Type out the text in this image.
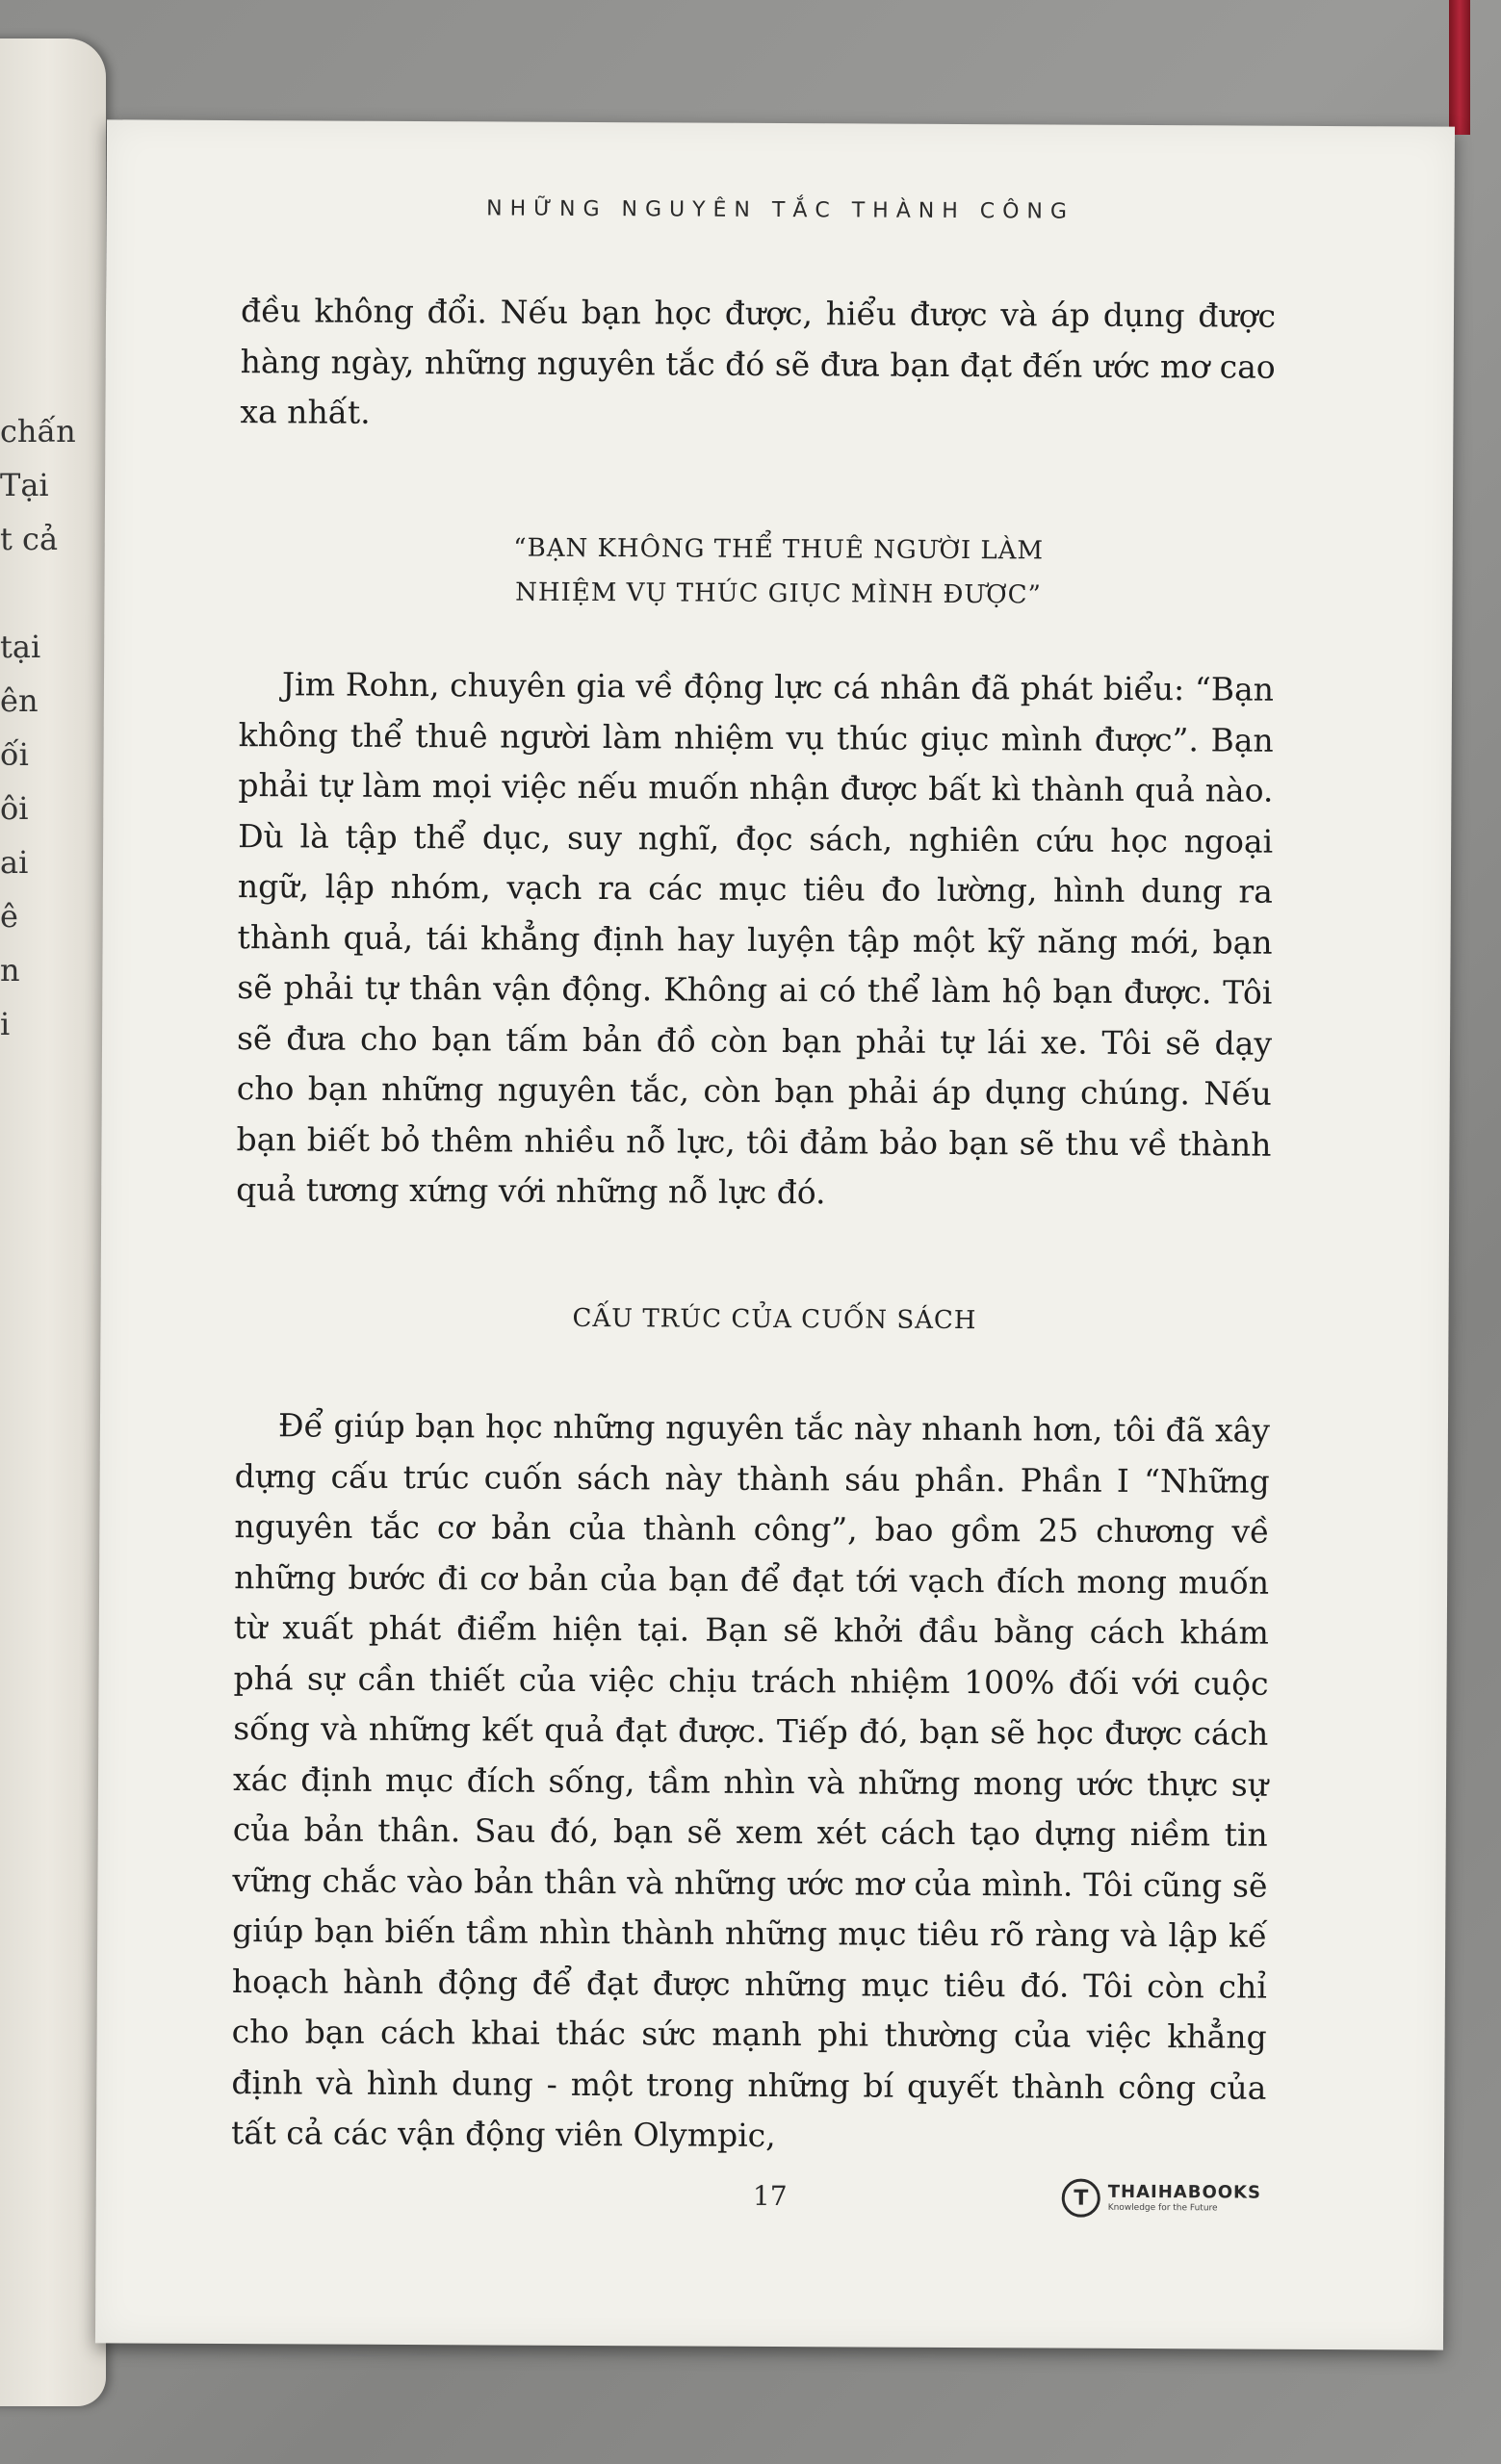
chấn
Tại
t cả
tại
ên
ối
ôi
ai
ê
n
i
NHỮNG NGUYÊN TẮC THÀNH CÔNG

đều không đổi. Nếu bạn học được, hiểu được và áp dụng được hàng ngày, những nguyên tắc đó sẽ đưa bạn đạt đến ước mơ cao xa nhất.

“BẠN KHÔNG THỂ THUÊ NGƯỜI LÀM
NHIỆM VỤ THÚC GIỤC MÌNH ĐƯỢC”

Jim Rohn, chuyên gia về động lực cá nhân đã phát biểu: “Bạn không thể thuê người làm nhiệm vụ thúc giục mình được”. Bạn phải tự làm mọi việc nếu muốn nhận được bất kì thành quả nào. Dù là tập thể dục, suy nghĩ, đọc sách, nghiên cứu học ngoại ngữ, lập nhóm, vạch ra các mục tiêu đo lường, hình dung ra thành quả, tái khẳng định hay luyện tập một kỹ năng mới, bạn sẽ phải tự thân vận động. Không ai có thể làm hộ bạn được. Tôi sẽ đưa cho bạn tấm bản đồ còn bạn phải tự lái xe. Tôi sẽ dạy cho bạn những nguyên tắc, còn bạn phải áp dụng chúng. Nếu bạn biết bỏ thêm nhiều nỗ lực, tôi đảm bảo bạn sẽ thu về thành quả tương xứng với những nỗ lực đó.

CẤU TRÚC CỦA CUỐN SÁCH

Để giúp bạn học những nguyên tắc này nhanh hơn, tôi đã xây dựng cấu trúc cuốn sách này thành sáu phần. Phần I “Những nguyên tắc cơ bản của thành công”, bao gồm 25 chương về những bước đi cơ bản của bạn để đạt tới vạch đích mong muốn từ xuất phát điểm hiện tại. Bạn sẽ khởi đầu bằng cách khám phá sự cần thiết của việc chịu trách nhiệm 100% đối với cuộc sống và những kết quả đạt được. Tiếp đó, bạn sẽ học được cách xác định mục đích sống, tầm nhìn và những mong ước thực sự của bản thân. Sau đó, bạn sẽ xem xét cách tạo dựng niềm tin vững chắc vào bản thân và những ước mơ của mình. Tôi cũng sẽ giúp bạn biến tầm nhìn thành những mục tiêu rõ ràng và lập kế hoạch hành động để đạt được những mục tiêu đó. Tôi còn chỉ cho bạn cách khai thác sức mạnh phi thường của việc khẳng định và hình dung - một trong những bí quyết thành công của tất cả các vận động viên Olympic,

17	T	THAIHABOOKS
Knowledge for the Future
